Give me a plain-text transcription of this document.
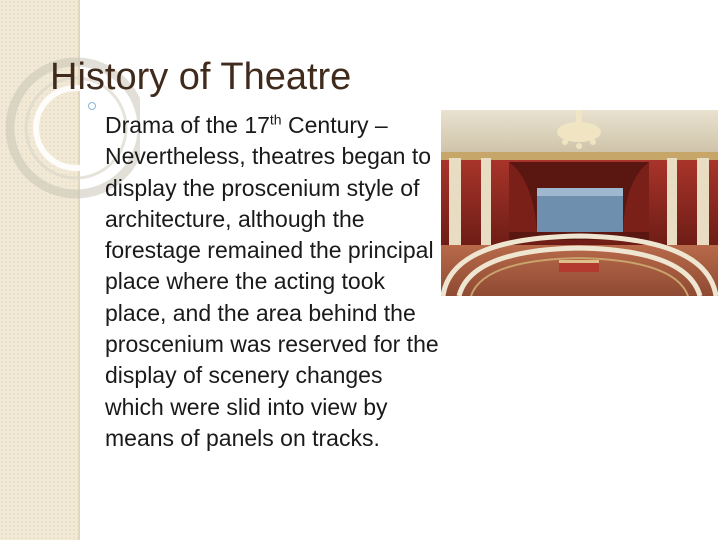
History of Theatre

Drama of the 17th Century –
Nevertheless, theatres began to display the proscenium style of architecture, although the forestage remained the principal place where the acting took place, and the area behind the proscenium was reserved for the display of scenery changes which were slid into view by means of panels on tracks.
